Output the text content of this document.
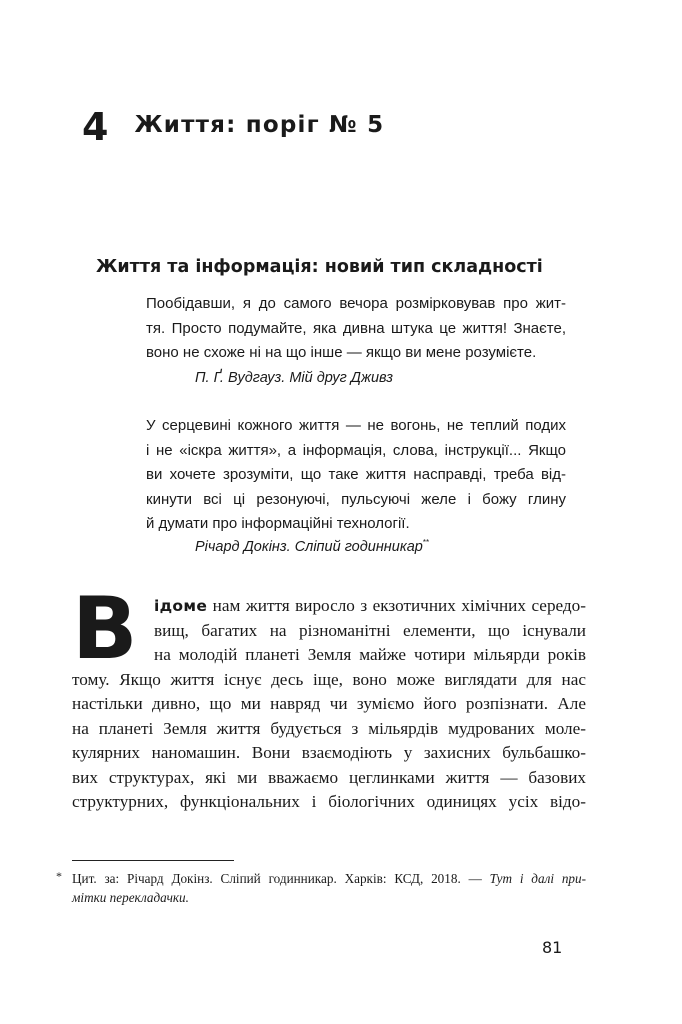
4 Життя: поріг № 5
Життя та інформація: новий тип складності
Пообідавши, я до самого вечора розмірковував про жит-
тя. Просто подумайте, яка дивна штука це життя! Знаєте,
воно не схоже ні на що інше — якщо ви мене розумієте.
П. Ґ. Вудгауз. Мій друг Дживз
У серцевині кожного життя — не вогонь, не теплий подих
і не «іскра життя», а інформація, слова, інструкції... Якщо
ви хочете зрозуміти, що таке життя насправді, треба від-
кинути всі ці резонуючі, пульсуючі желе і божу глину
й думати про інформаційні технології.
Річард Докінз. Сліпий годинникар**
В ідоме нам життя виросло з екзотичних хімічних середо-
вищ, багатих на різноманітні елементи, що існували
на молодій планеті Земля майже чотири мільярди років
тому. Якщо життя існує десь іще, воно може виглядати для нас
настільки дивно, що ми навряд чи зуміємо його розпізнати. Але
на планеті Земля життя будується з мільярдів мудрованих моле-
кулярних наномашин. Вони взаємодіють у захисних бульбашко-
вих структурах, які ми вважаємо цеглинками життя — базових
структурних, функціональних і біологічних одиницях усіх відо-
* Цит. за: Річард Докінз. Сліпий годинникар. Харків: КСД, 2018. — Тут і далі при-
мітки перекладачки.
81
